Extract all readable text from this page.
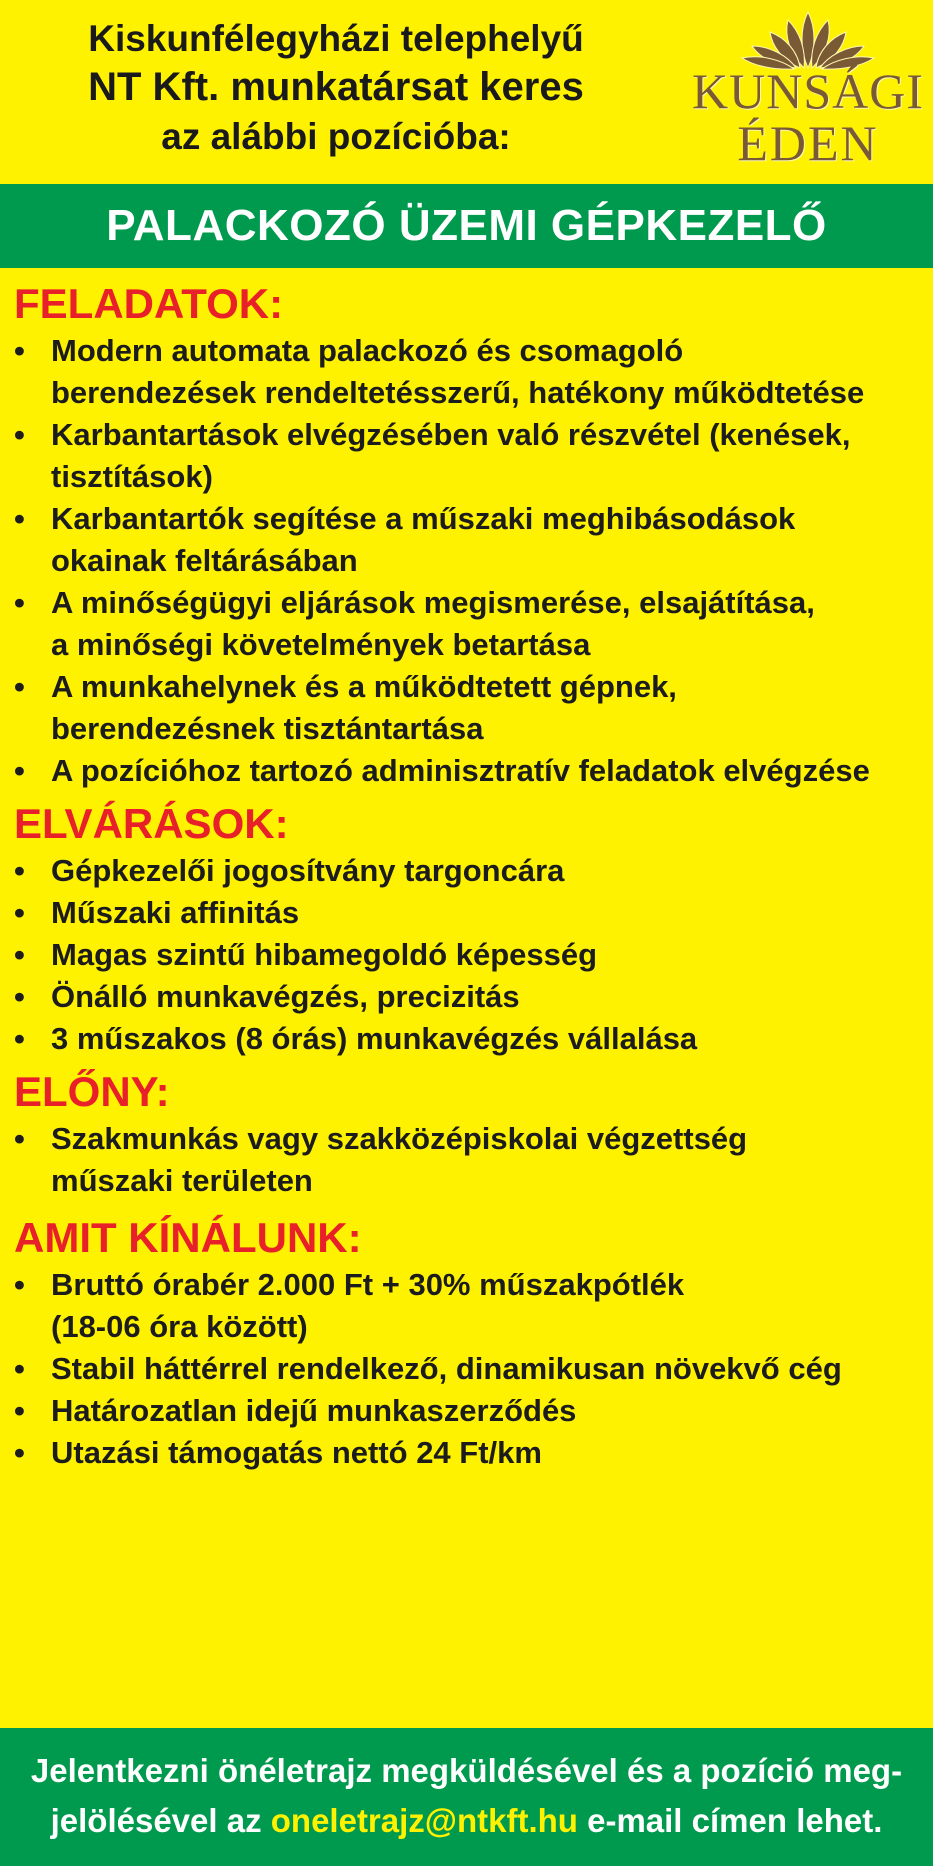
Kiskunfélegyházi telephelyű
NT Kft. munkatársat keres
az alábbi pozícióba:
KUNSÁGI
ÉDEN
PALACKOZÓ ÜZEMI GÉPKEZELŐ
FELADATOK:
• Modern automata palackozó és csomagoló
berendezések rendeltetésszerű, hatékony működtetése
• Karbantartások elvégzésében való részvétel (kenések,
tisztítások)
• Karbantartók segítése a műszaki meghibásodások
okainak feltárásában
• A minőségügyi eljárások megismerése, elsajátítása,
a minőségi követelmények betartása
• A munkahelynek és a működtetett gépnek,
berendezésnek tisztántartása
• A pozícióhoz tartozó adminisztratív feladatok elvégzése
ELVÁRÁSOK:
• Gépkezelői jogosítvány targoncára
• Műszaki affinitás
• Magas szintű hibamegoldó képesség
• Önálló munkavégzés, precizitás
• 3 műszakos (8 órás) munkavégzés vállalása
ELŐNY:
• Szakmunkás vagy szakközépiskolai végzettség
műszaki területen
AMIT KÍNÁLUNK:
• Bruttó órabér 2.000 Ft + 30% műszakpótlék
(18-06 óra között)
• Stabil háttérrel rendelkező, dinamikusan növekvő cég
• Határozatlan idejű munkaszerződés
• Utazási támogatás nettó 24 Ft/km
Jelentkezni önéletrajz megküldésével és a pozíció meg-
jelölésével az oneletrajz@ntkft.hu e-mail címen lehet.
